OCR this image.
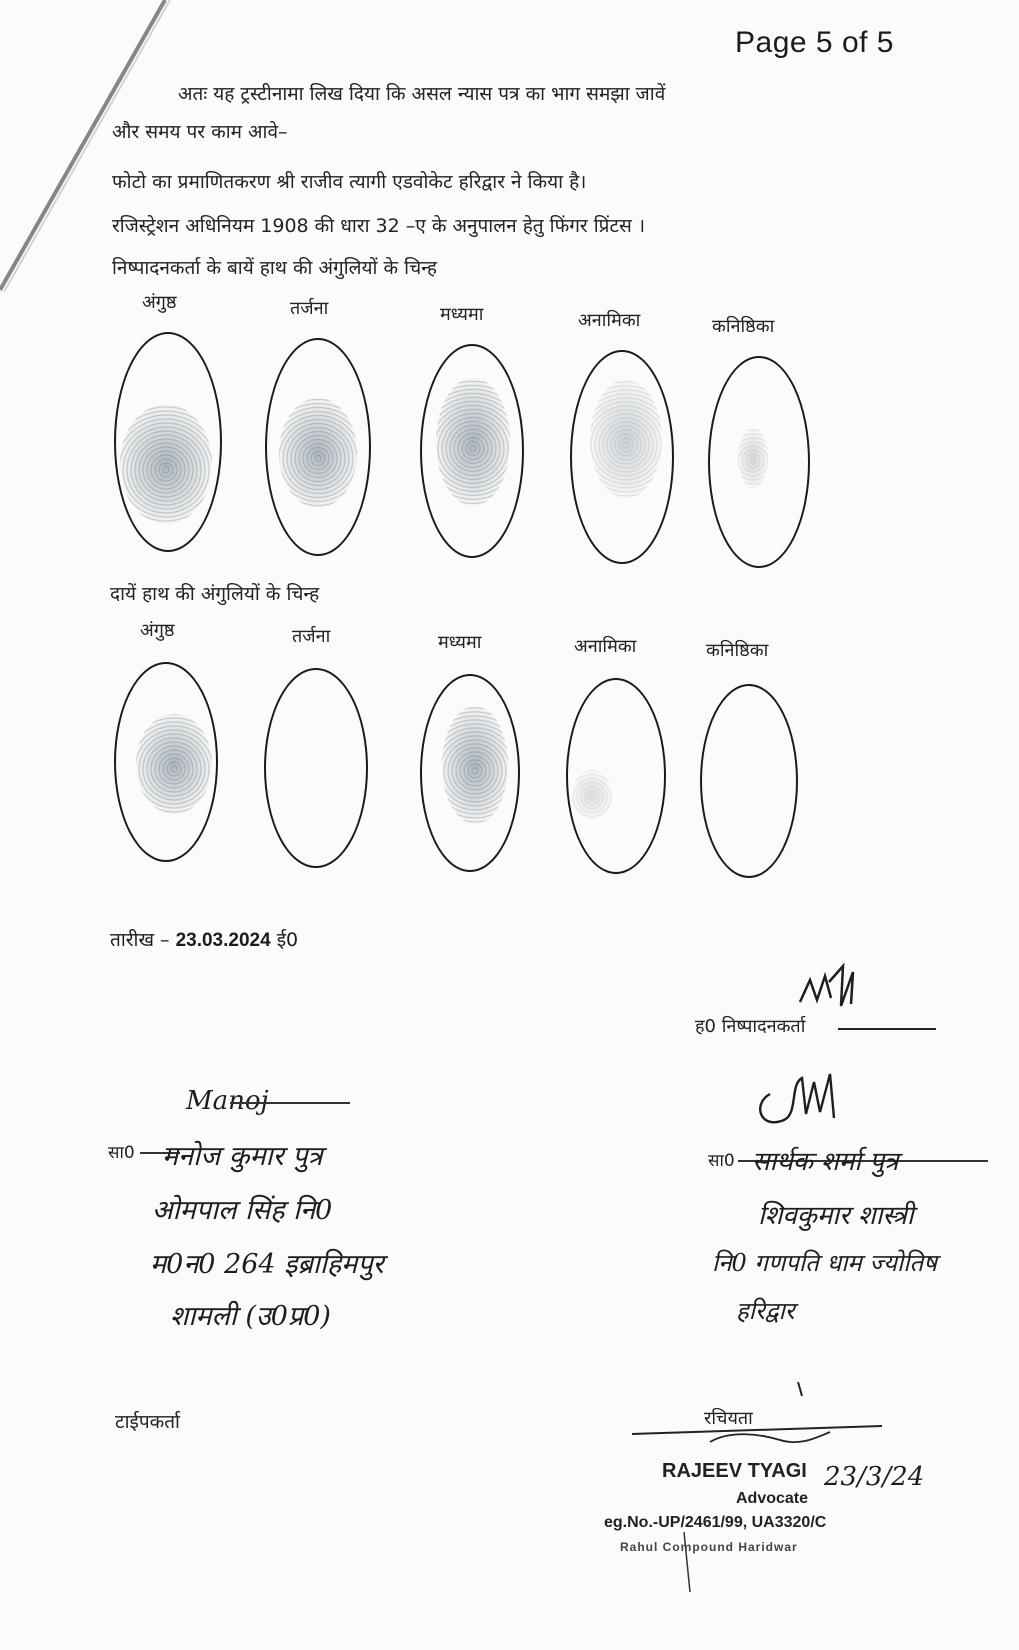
Page 5 of 5
अतः यह ट्रस्टीनामा लिख दिया कि असल न्यास पत्र का भाग समझा जावें
और समय पर काम आवे–
फोटो का प्रमाणितकरण श्री राजीव त्यागी एडवोकेट हरिद्वार ने किया है।
रजिस्ट्रेशन अधिनियम 1908 की धारा 32 –ए के अनुपालन हेतु फिंगर प्रिंटस ।
निष्पादनकर्ता के बायें हाथ की अंगुलियों के चिन्ह
अंगुष्ठ	तर्जना	मध्यमा	अनामिका	कनिष्ठिका
दायें हाथ की अंगुलियों के चिन्ह
अंगुष्ठ	तर्जना	मध्यमा	अनामिका	कनिष्ठिका
तारीख – 23.03.2024 ई0
ह0 निष्पादनकर्ता
Manoj
सा0 मनोज कुमार पुत्र
ओमपाल सिंह नि0
म0न0 264 इब्राहिमपुर
शामली (उ0प्र0)
सा0 सार्थक शर्मा पुत्र
शिवकुमार शास्त्री
नि0 गणपति धाम ज्योतिष
हरिद्वार
टाईपकर्ता	रचियता
23/3/24
RAJEEV TYAGI
Advocate
eg.No.-UP/2461/99, UA3320/C
Rahul Compound Haridwar
